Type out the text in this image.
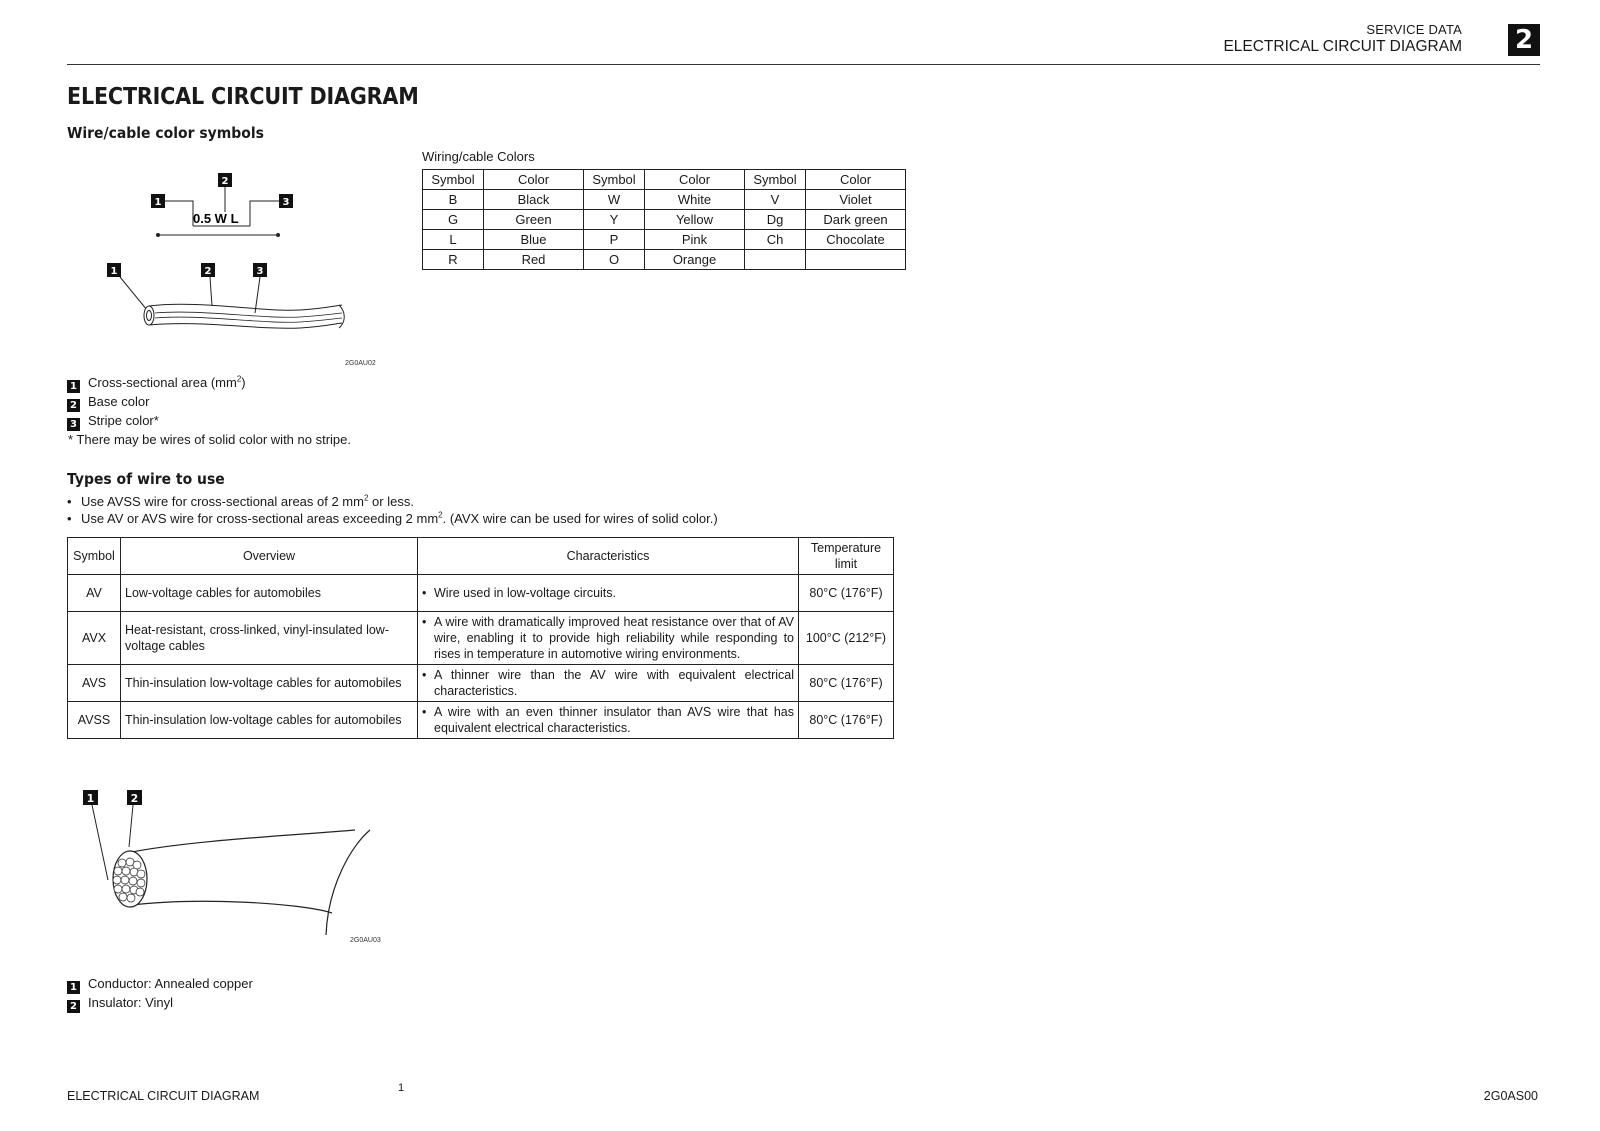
SERVICE DATA
ELECTRICAL CIRCUIT DIAGRAM 2
ELECTRICAL CIRCUIT DIAGRAM
Wire/cable color symbols
2
1	3
0.5 W L
1	2	3
2G0AU02
1 Cross-sectional area $(mm^2)$
2 Base color
3 Stripe color*
* There may be wires of solid color with no stripe.
Wiring/cable Colors
Symbol	Color	Symbol	Color	Symbol	Color
B	Black	W	White	V	Violet
G	Green	Y	Yellow	Dg	Dark green
L	Blue	P	Pink	Ch	Chocolate
R	Red	O	Orange		
Types of wire to use
• Use AVSS wire for cross-sectional areas of 2 $mm^2$ or less.
• Use AV or AVS wire for cross-sectional areas exceeding 2 $mm^2$. (AVX wire can be used for wires of solid color.)
Symbol	Overview	Characteristics	Temperature limit
AV	Low-voltage cables for automobiles	• Wire used in low-voltage circuits.	80°C (176°F)
AVX	Heat-resistant, cross-linked, vinyl-insulated low-voltage cables	• A wire with dramatically improved heat resistance over that of AV wire, enabling it to provide high reliability while responding to rises in temperature in automotive wiring environments.	100°C (212°F)
AVS	Thin-insulation low-voltage cables for automobiles	• A thinner wire than the AV wire with equivalent electrical characteristics.	80°C (176°F)
AVSS	Thin-insulation low-voltage cables for automobiles	• A wire with an even thinner insulator than AVS wire that has equivalent electrical characteristics.	80°C (176°F)
1	2
2G0AU03
1 Conductor: Annealed copper
2 Insulator: Vinyl
ELECTRICAL CIRCUIT DIAGRAM
1
2G0AS00
